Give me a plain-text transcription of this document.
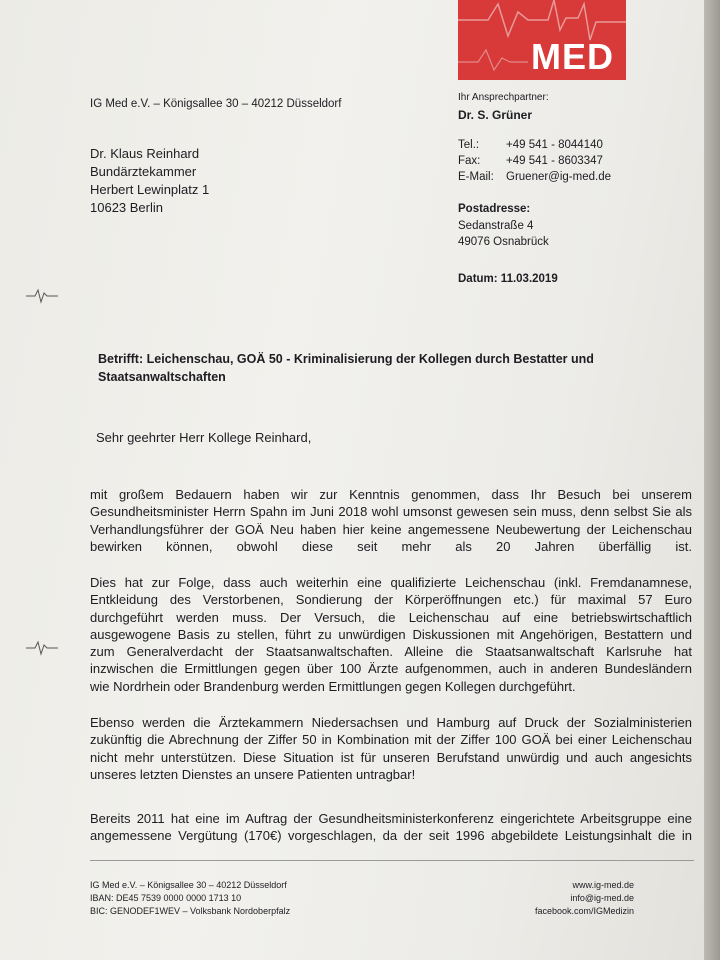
MED
IG Med e.V. – Königsallee 30 – 40212 Düsseldorf
Ihr Ansprechpartner:
Dr. S. Grüner
Tel.: +49 541 - 8044140
Fax: +49 541 - 8603347
E-Mail: Gruener@ig-med.de
Dr. Klaus Reinhard
Bundärztekammer
Herbert Lewinplatz 1
10623 Berlin	Postadresse:
Sedanstraße 4
49076 Osnabrück
Datum: 11.03.2019
Betrifft: Leichenschau, GOÄ 50 - Kriminalisierung der Kollegen durch Bestatter und
Staatsanwaltschaften
Sehr geehrter Herr Kollege Reinhard,
mit großem Bedauern haben wir zur Kenntnis genommen, dass Ihr Besuch bei unserem
Gesundheitsminister Herrn Spahn im Juni 2018 wohl umsonst gewesen sein muss, denn selbst Sie als
Verhandlungsführer der GOÄ Neu haben hier keine angemessene Neubewertung der Leichenschau
bewirken können, obwohl diese seit mehr als 20 Jahren überfällig ist.
Dies hat zur Folge, dass auch weiterhin eine qualifizierte Leichenschau (inkl. Fremdanamnese,
Entkleidung des Verstorbenen, Sondierung der Körperöffnungen etc.) für maximal 57 Euro
durchgeführt werden muss. Der Versuch, die Leichenschau auf eine betriebswirtschaftlich
ausgewogene Basis zu stellen, führt zu unwürdigen Diskussionen mit Angehörigen, Bestattern und
zum Generalverdacht der Staatsanwaltschaften. Alleine die Staatsanwaltschaft Karlsruhe hat
inzwischen die Ermittlungen gegen über 100 Ärzte aufgenommen, auch in anderen Bundesländern
wie Nordrhein oder Brandenburg werden Ermittlungen gegen Kollegen durchgeführt.
Ebenso werden die Ärztekammern Niedersachsen und Hamburg auf Druck der Sozialministerien
zukünftig die Abrechnung der Ziffer 50 in Kombination mit der Ziffer 100 GOÄ bei einer Leichenschau
nicht mehr unterstützen. Diese Situation ist für unseren Berufstand unwürdig und auch angesichts
unseres letzten Dienstes an unsere Patienten untragbar!
Bereits 2011 hat eine im Auftrag der Gesundheitsministerkonferenz eingerichtete Arbeitsgruppe eine
angemessene Vergütung (170€) vorgeschlagen, da der seit 1996 abgebildete Leistungsinhalt die in
IG Med e.V. – Königsallee 30 – 40212 Düsseldorf
IBAN: DE45 7539 0000 0000 1713 10
BIC: GENODEF1WEV – Volksbank Nordoberpfalz
www.ig-med.de
info@ig-med.de
facebook.com/IGMedizin
